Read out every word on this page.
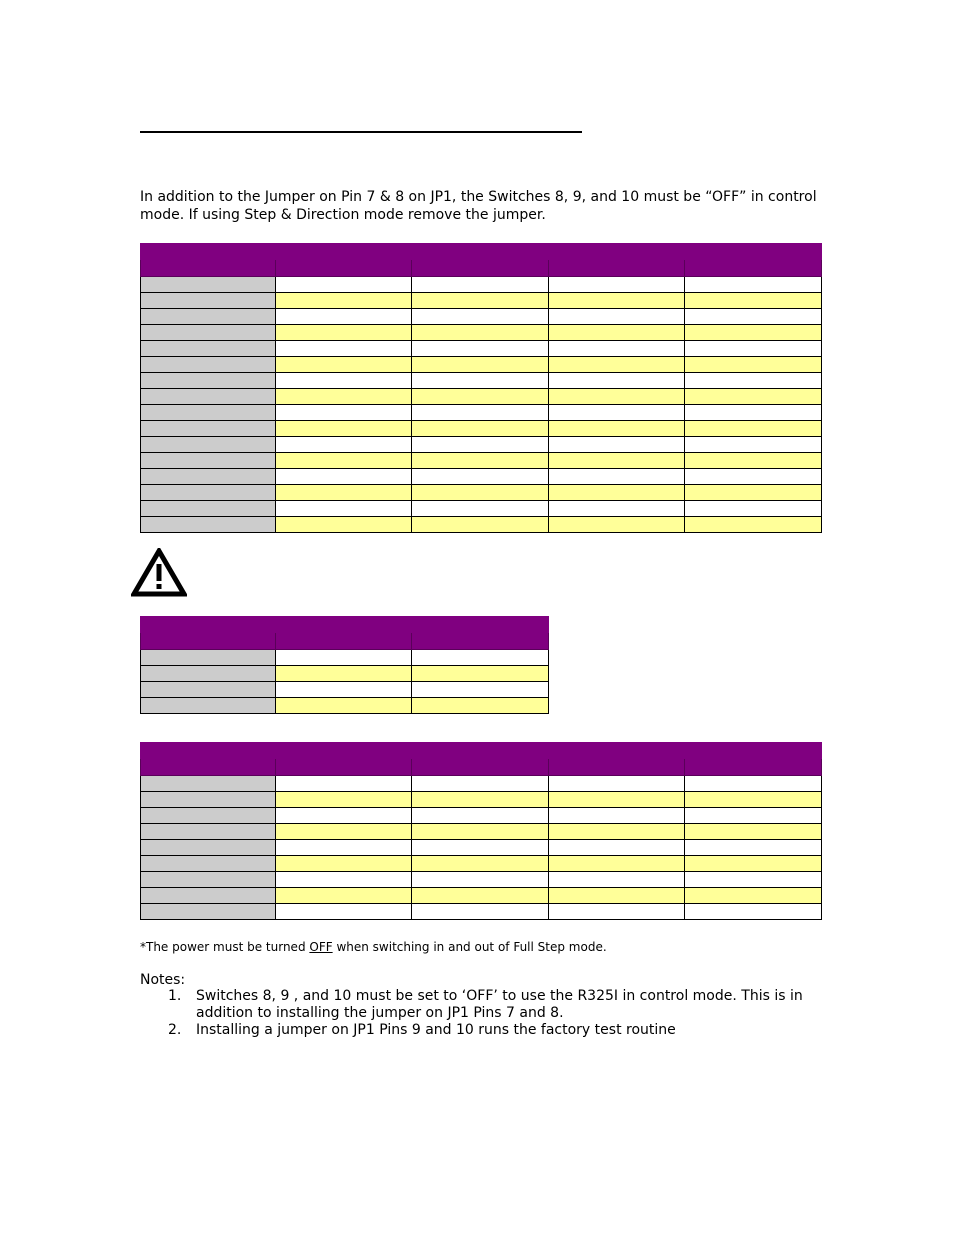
In addition to the Jumper on Pin 7 & 8 on JP1, the Switches 8, 9, and 10 must be “OFF” in control mode. If using Step & Direction mode remove the jumper.

*The power must be turned OFF when switching in and out of Full Step mode.
Notes:
1. Switches 8, 9 , and 10 must be set to ‘OFF’ to use the R325I in control mode. This is in addition to installing the jumper on JP1 Pins 7 and 8.
2. Installing a jumper on JP1 Pins 9 and 10 runs the factory test routine
